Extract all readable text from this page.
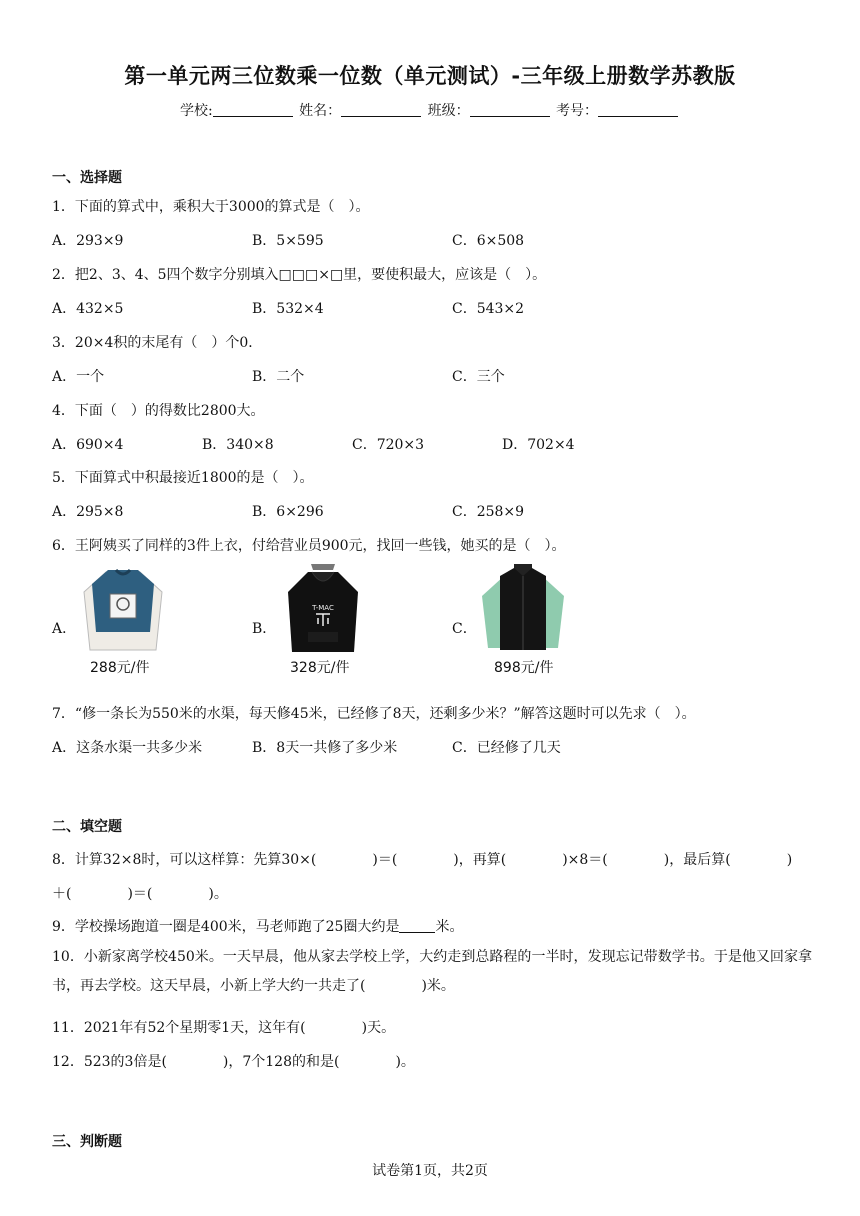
第一单元两三位数乘一位数（单元测试）-三年级上册数学苏教版
学校:	姓名：	班级：	考号：
一、选择题
1．下面的算式中，乘积大于3000的算式是（　）。
A．293×9	B．5×595	C．6×508
2．把2、3、4、5四个数字分别填入□□□×□里，要使积最大，应该是（　）。
A．432×5	B．532×4	C．543×2
3．20×4积的末尾有（　）个0．
A．一个	B．二个	C．三个
4．下面（　）的得数比2800大。
A．690×4	B．340×8	C．720×3	D．702×4
5．下面算式中积最接近1800的是（　）。
A．295×8	B．6×296	C．258×9
6．王阿姨买了同样的3件上衣，付给营业员900元，找回一些钱，她买的是（　）。
A．
288元/件
B．
T-MAC
328元/件
C．
898元/件
7．“修一条长为550米的水渠，每天修45米，已经修了8天，还剩多少米？”解答这题时可以先求（　）。
A．这条水渠一共多少米	B．8天一共修了多少米	C．已经修了几天
二、填空题
8．计算32×8时，可以这样算：先算30×(　　　　)＝(　　　　)，再算(　　　　)×8＝(　　　　)，最后算(　　　　)
＋(　　　　)＝(　　　　)。
9．学校操场跑道一圈是400米，马老师跑了25圈大约是	米。
10．小新家离学校450米。一天早晨，他从家去学校上学，大约走到总路程的一半时，发现忘记带数学书。于是他又回家拿书，再去学校。这天早晨，小新上学大约一共走了(　　　　)米。
11．2021年有52个星期零1天，这年有(　　　　)天。
12．523的3倍是(　　　　)，7个128的和是(　　　　)。
三、判断题
试卷第1页，共2页
